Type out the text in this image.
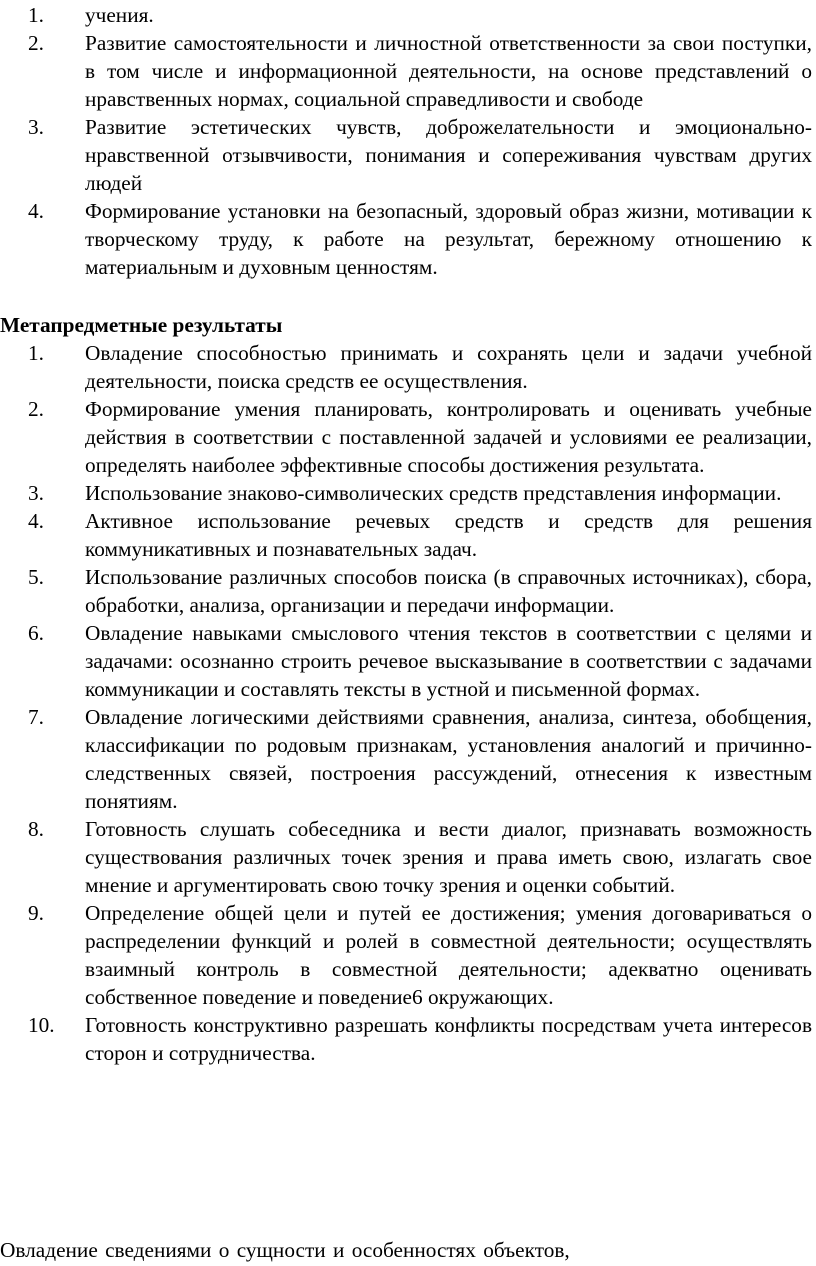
1.	учения.
2.	Развитие самостоятельности и личностной ответственности за свои поступки, в том числе и информационной деятельности, на основе представлений о нравственных нормах, социальной справедливости и свободе
3.	Развитие эстетических чувств, доброжелательности и эмоционально-нравственной отзывчивости, понимания и сопереживания чувствам других людей
4.	Формирование установки на безопасный, здоровый образ жизни, мотивации к творческому труду, к работе на результат, бережному отношению к материальным и духовным ценностям.
Метапредметные результаты
1.	Овладение способностью принимать и сохранять цели и задачи учебной деятельности, поиска средств ее осуществления.
2.	Формирование умения планировать, контролировать и оценивать учебные действия в соответствии с поставленной задачей и условиями ее реализации, определять наиболее эффективные способы достижения результата.
3.	Использование знаково-символических средств представления информации.
4.	Активное использование речевых средств и средств для решения коммуникативных и познавательных задач.
5.	Использование различных способов поиска (в справочных источниках), сбора, обработки, анализа, организации и передачи информации.
6.	Овладение навыками смыслового чтения текстов в соответствии с целями и задачами: осознанно строить речевое высказывание в соответствии с задачами коммуникации и составлять тексты в устной и письменной формах.
7.	Овладение логическими действиями сравнения, анализа, синтеза, обобщения, классификации по родовым признакам, установления аналогий и причинно-следственных связей, построения рассуждений, отнесения к известным понятиям.
8.	Готовность слушать собеседника и вести диалог, признавать возможность существования различных точек зрения и права иметь свою, излагать свое мнение и аргументировать свою точку зрения и оценки событий.
9.	Определение общей цели и путей ее достижения; умения договариваться о распределении функций и ролей в совместной деятельности; осуществлять взаимный контроль в совместной деятельности; адекватно оценивать собственное поведение и поведение6 окружающих.
10.	Готовность конструктивно разрешать конфликты посредствам учета интересов сторон и сотрудничества.

Овладение сведениями о сущности и особенностях объектов,
